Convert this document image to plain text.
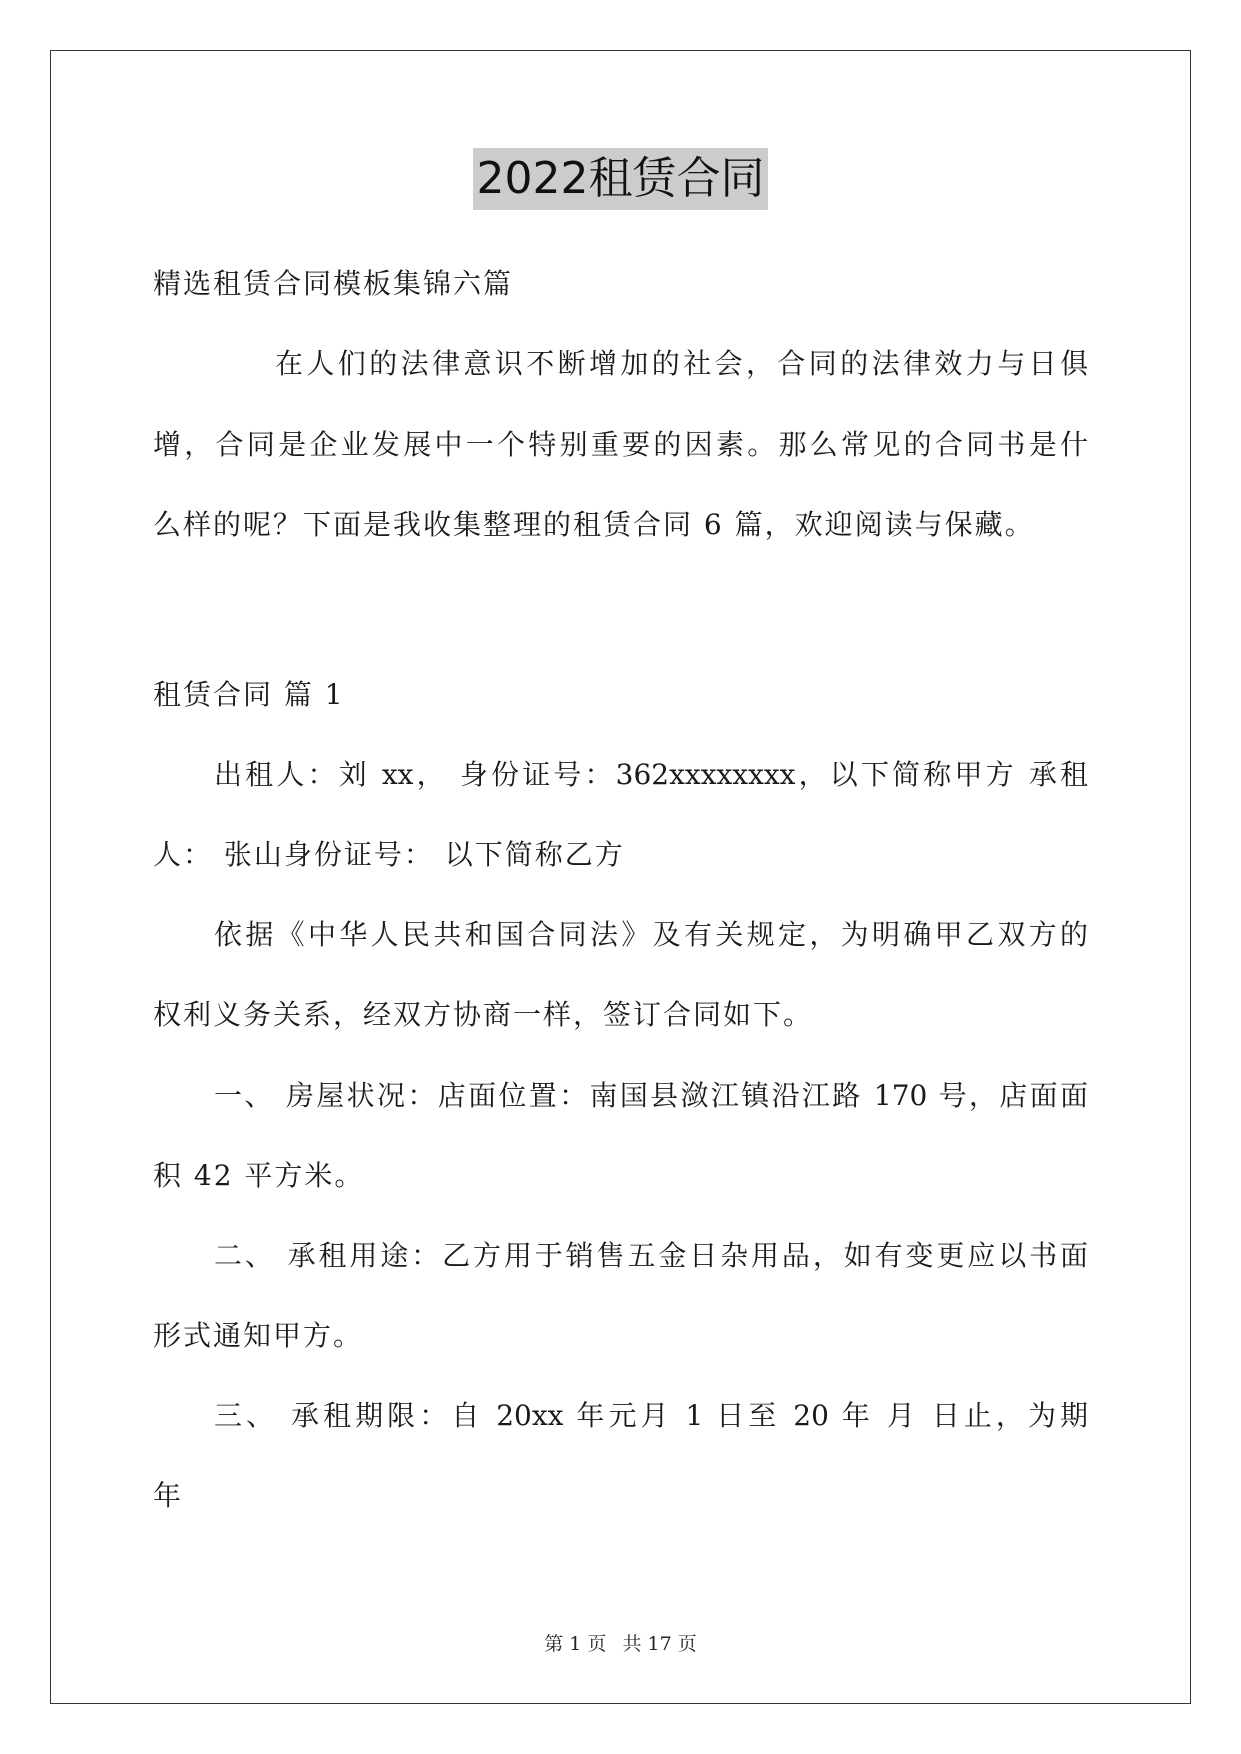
2022租赁合同
精选租赁合同模板集锦六篇
在人们的法律意识不断增加的社会，合同的法律效力与日俱
增，合同是企业发展中一个特别重要的因素。那么常见的合同书是什
么样的呢？下面是我收集整理的租赁合同 6 篇，欢迎阅读与保藏。
租赁合同 篇 1
出租人：刘 xx， 身份证号：362xxxxxxxx，以下简称甲方 承租
人： 张山身份证号： 以下简称乙方
依据《中华人民共和国合同法》及有关规定，为明确甲乙双方的
权利义务关系，经双方协商一样，签订合同如下。
一、 房屋状况：店面位置：南国县潋江镇沿江路 170 号，店面面
积 42 平方米。
二、 承租用途：乙方用于销售五金日杂用品，如有变更应以书面
形式通知甲方。
三、 承租期限：自 20xx 年元月 1 日至 20 年 月 日止，为期
年
第 1 页 共 17 页
